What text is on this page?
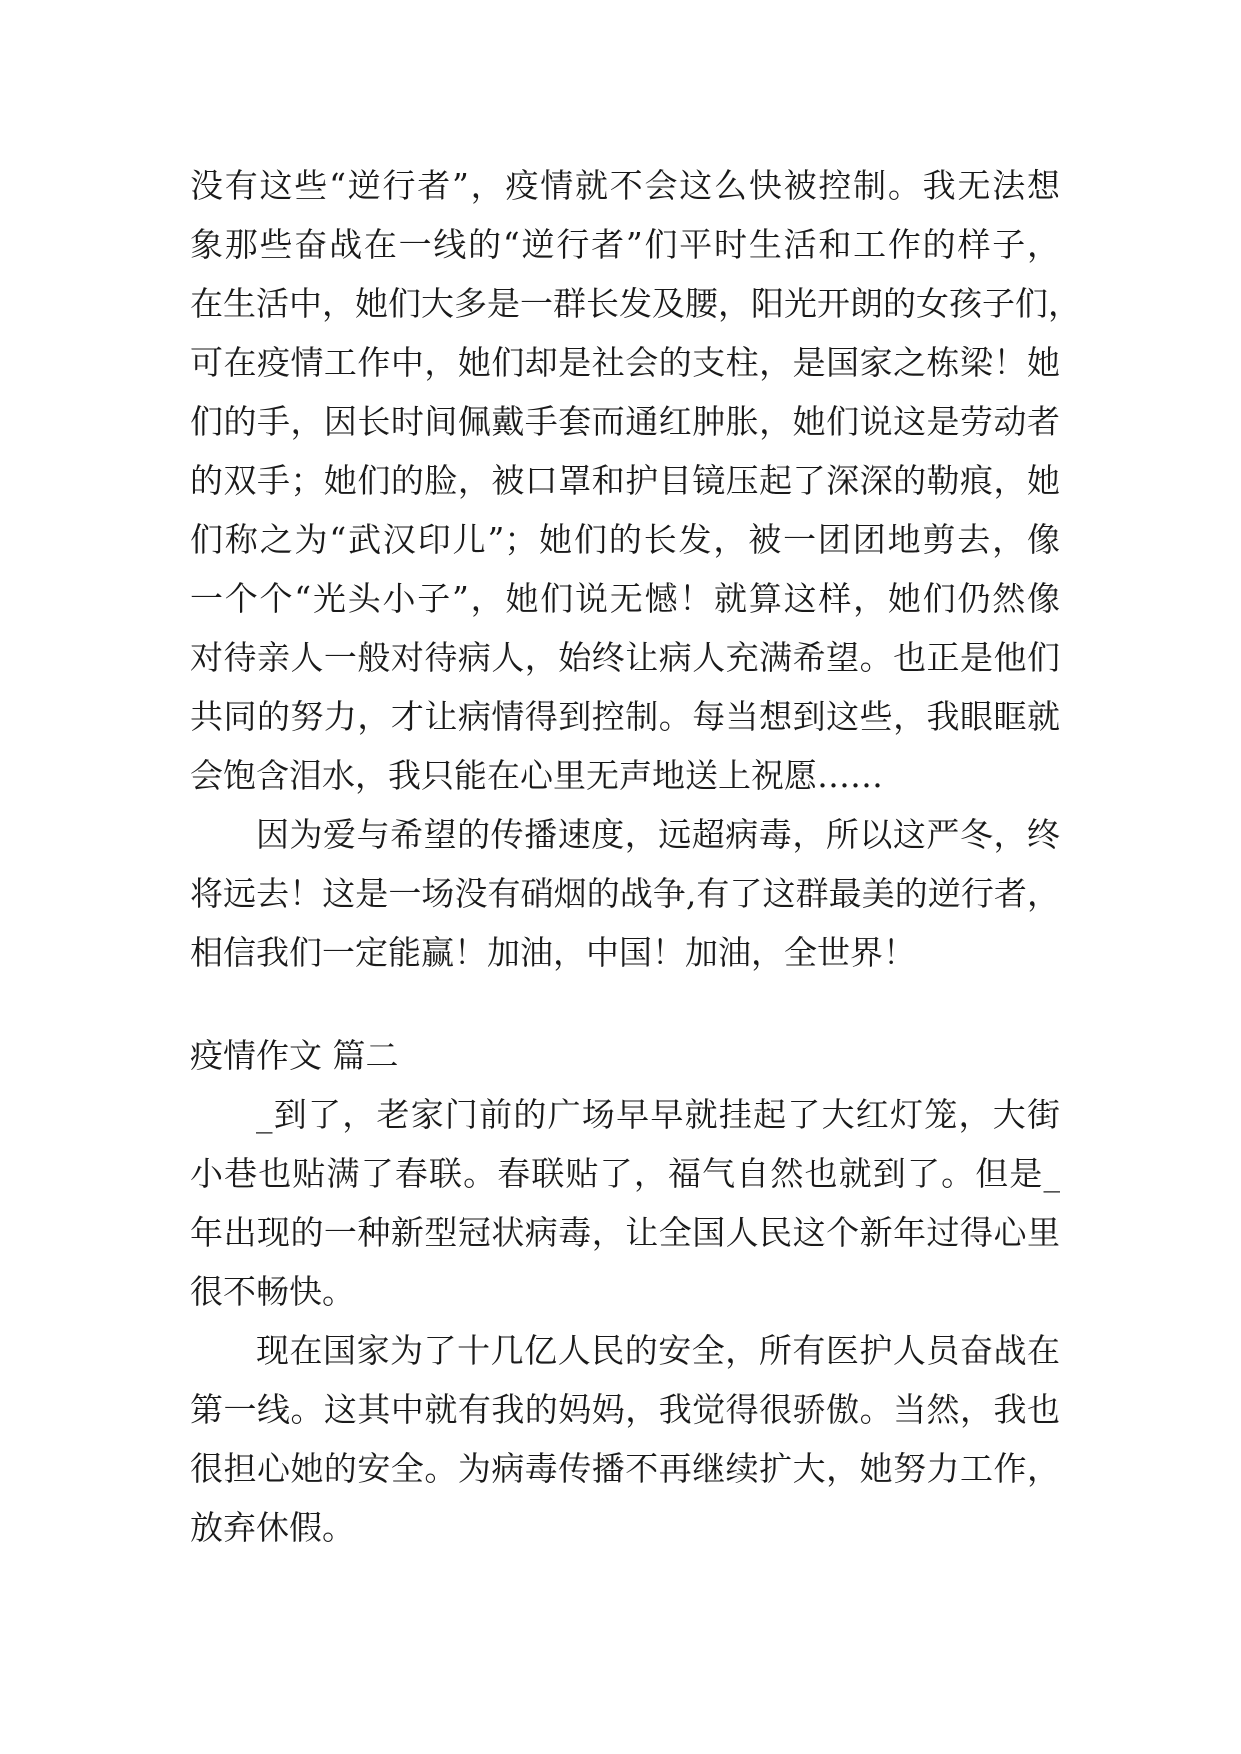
没有这些“逆行者”，疫情就不会这么快被控制。我无法想
象那些奋战在一线的“逆行者”们平时生活和工作的样子，
在生活中，她们大多是一群长发及腰，阳光开朗的女孩子们，
可在疫情工作中，她们却是社会的支柱，是国家之栋梁！她
们的手，因长时间佩戴手套而通红肿胀，她们说这是劳动者
的双手；她们的脸，被口罩和护目镜压起了深深的勒痕，她
们称之为“武汉印儿”；她们的长发，被一团团地剪去，像
一个个“光头小子”，她们说无憾！就算这样，她们仍然像
对待亲人一般对待病人，始终让病人充满希望。也正是他们
共同的努力，才让病情得到控制。每当想到这些，我眼眶就
会饱含泪水，我只能在心里无声地送上祝愿……
因为爱与希望的传播速度，远超病毒，所以这严冬，终
将远去！这是一场没有硝烟的战争,有了这群最美的逆行者，
相信我们一定能赢！加油，中国！加油，全世界！
疫情作文 篇二
_到了，老家门前的广场早早就挂起了大红灯笼，大街
小巷也贴满了春联。春联贴了，福气自然也就到了。但是_
年出现的一种新型冠状病毒，让全国人民这个新年过得心里
很不畅快。
现在国家为了十几亿人民的安全，所有医护人员奋战在
第一线。这其中就有我的妈妈，我觉得很骄傲。当然，我也
很担心她的安全。为病毒传播不再继续扩大，她努力工作，
放弃休假。
